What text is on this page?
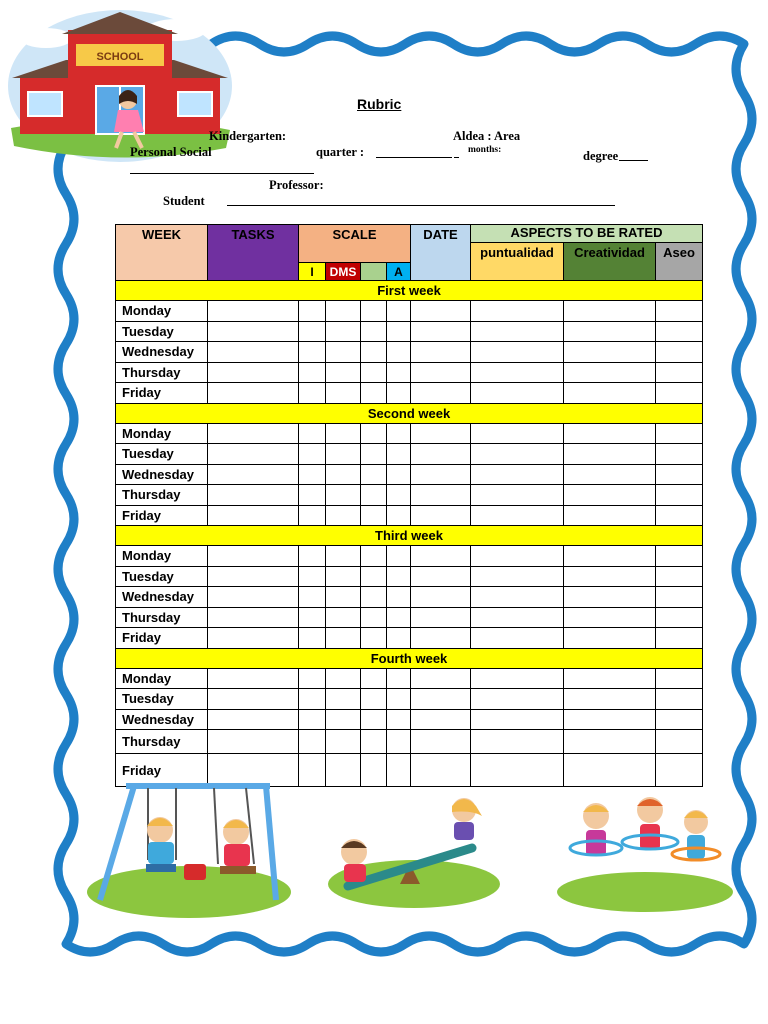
SCHOOL
Rubric
Kindergarten:	Aldea : Area
Personal Social	quarter :	months:	degree
Professor:
Student
WEEK	TASKS	SCALE				DATE	ASPECTS TO BE RATED		
							puntualidad	Creatividad	Aseo
		I	DMS		A				
First week									
Monday									
Tuesday									
Wednesday									
Thursday									
Friday									
Second week									
Monday									
Tuesday									
Wednesday									
Thursday									
Friday									
Third week									
Monday									
Tuesday									
Wednesday									
Thursday									
Friday									
Fourth week									
Monday									
Tuesday									
Wednesday									
Thursday									
Friday									
